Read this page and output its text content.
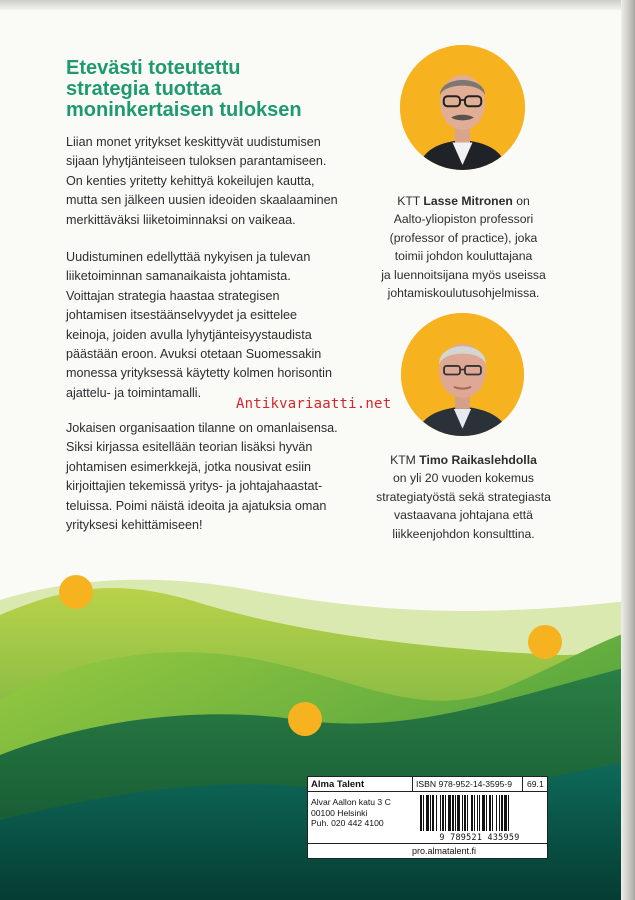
Etevästi toteutettu
strategia tuottaa
moninkertaisen tuloksen
Liian monet yritykset keskittyvät uudistumisen
sijaan lyhytjänteiseen tuloksen parantamiseen.
On kenties yritetty kehittyä kokeilujen kautta,
mutta sen jälkeen uusien ideoiden skaalaaminen
merkittäväksi liiketoiminnaksi on vaikeaa.
Uudistuminen edellyttää nykyisen ja tulevan
liiketoiminnan samanaikaista johtamista.
Voittajan strategia haastaa strategisen
johtamisen itsestäänselvyydet ja esittelee
keinoja, joiden avulla lyhytjänteisyystaudista
päästään eroon. Avuksi otetaan Suomessakin
monessa yrityksessä käytetty kolmen horisontin
ajattelu- ja toimintamalli.
Jokaisen organisaation tilanne on omanlaisensa.
Siksi kirjassa esitellään teorian lisäksi hyvän
johtamisen esimerkkejä, jotka nousivat esiin
kirjoittajien tekemissä yritys- ja johtajahaastat-
teluissa. Poimi näistä ideoita ja ajatuksia oman
yrityksesi kehittämiseen!
KTT Lasse Mitronen on
Aalto-yliopiston professori
(professor of practice), joka
toimii johdon kouluttajana
ja luennoitsijana myös useissa
johtamiskoulutusohjelmissa.
Antikvariaatti.net
KTM Timo Raikaslehdolla
on yli 20 vuoden kokemus
strategiatyöstä sekä strategiasta
vastaavana johtajana että
liikkeenjohdon konsulttina.
Alma Talent	ISBN 978-952-14-3595-9	69.1
Alvar Aallon katu 3 C
00100 Helsinki
Puh. 020 442 4100
9 789521 435959
pro.almatalent.fi
